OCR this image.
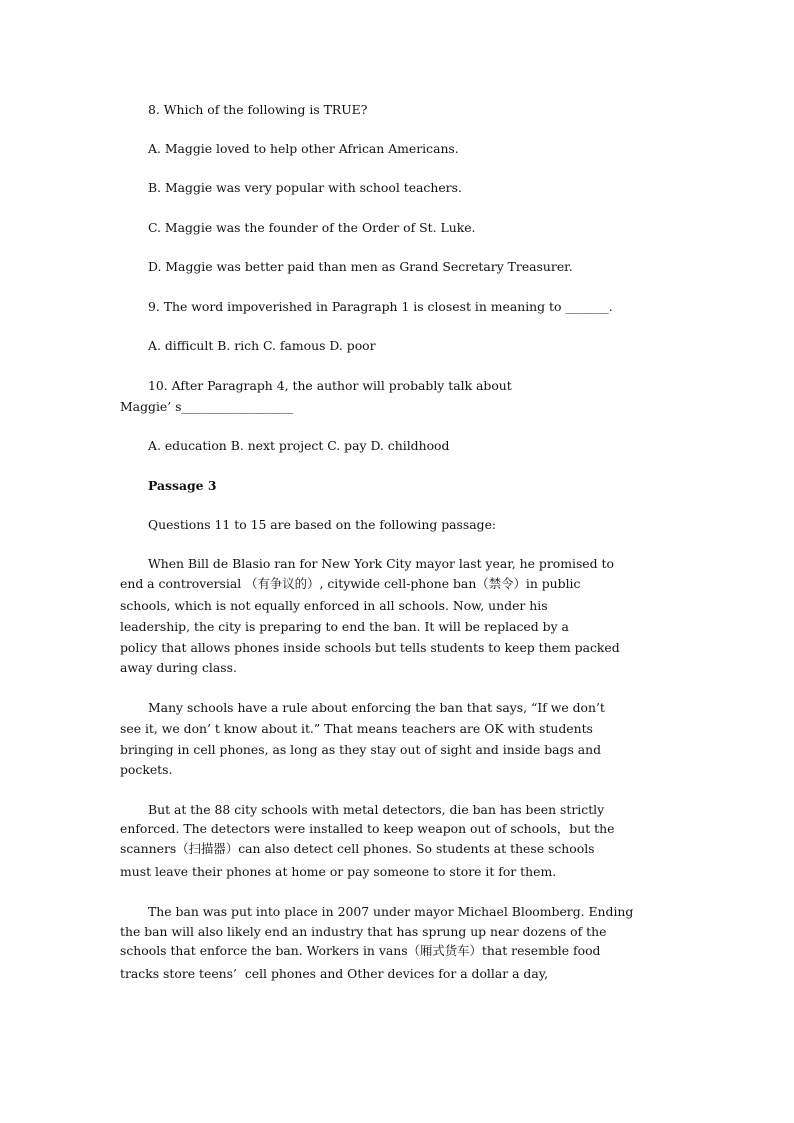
8. Which of the following is TRUE?

A. Maggie loved to help other African Americans.

B. Maggie was very popular with school teachers.

C. Maggie was the founder of the Order of St. Luke.

D. Maggie was better paid than men as Grand Secretary Treasurer.

9. The word impoverished in Paragraph 1 is closest in meaning to _______.

A. difficult B. rich C. famous D. poor

10. After Paragraph 4, the author will probably talk about

Maggie’ s__________________

A. education B. next project C. pay D. childhood

Passage 3

Questions 11 to 15 are based on the following passage:

When Bill de Blasio ran for New York City mayor last year, he promised to

end a controversial （有争议的）, citywide cell-phone ban（禁令）in public

schools, which is not equally enforced in all schools. Now, under his

leadership, the city is preparing to end the ban. It will be replaced by a

policy that allows phones inside schools but tells students to keep them packed

away during class.

Many schools have a rule about enforcing the ban that says, “If we don’t

see it, we don’ t know about it.” That means teachers are OK with students

bringing in cell phones, as long as they stay out of sight and inside bags and

pockets.

But at the 88 city schools with metal detectors, die ban has been strictly

enforced. The detectors were installed to keep weapon out of schools，but the

scanners（扫描器）can also detect cell phones. So students at these schools

must leave their phones at home or pay someone to store it for them.

The ban was put into place in 2007 under mayor Michael Bloomberg. Ending

the ban will also likely end an industry that has sprung up near dozens of the

schools that enforce the ban. Workers in vans（厢式货车）that resemble food

tracks store teens’  cell phones and Other devices for a dollar a day,
